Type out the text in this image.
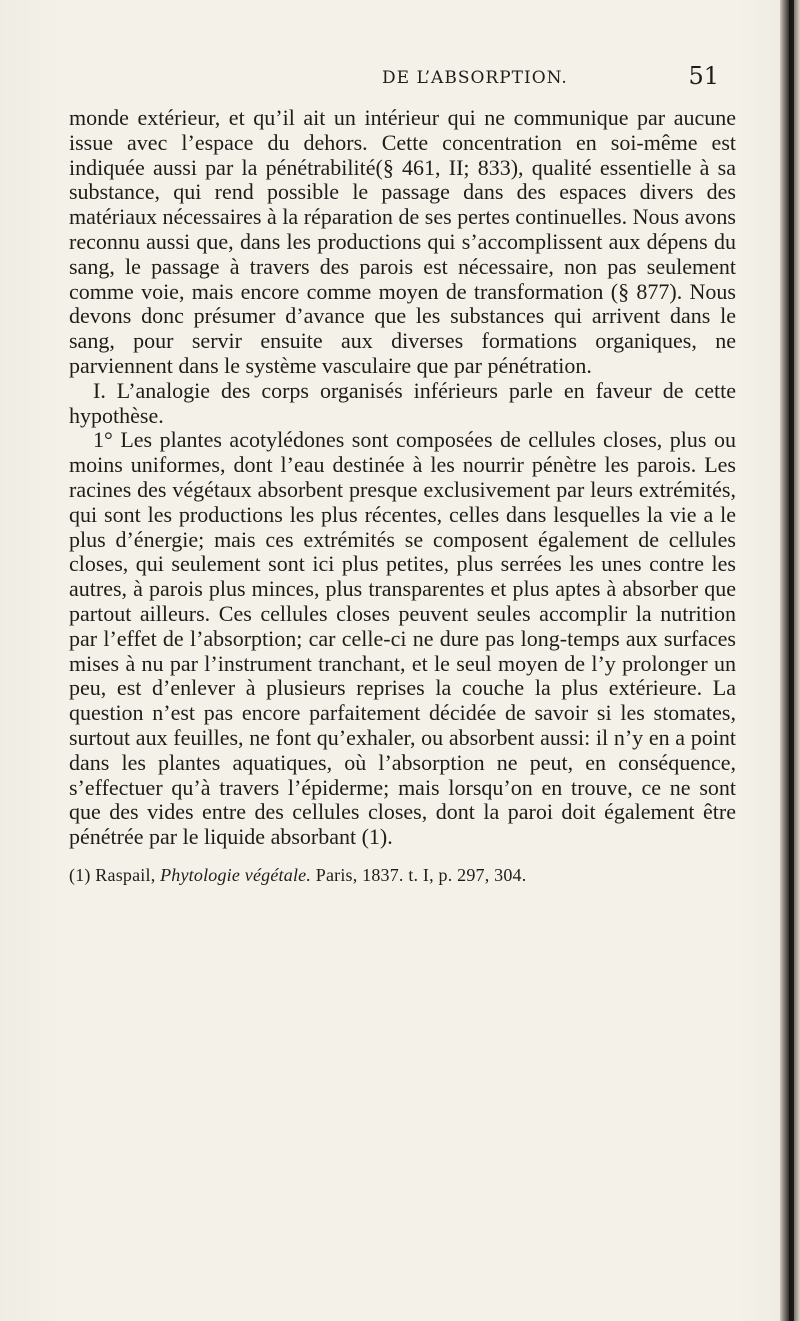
DE L’ABSORPTION.	51

monde extérieur, et qu’il ait un intérieur qui ne communique par aucune issue avec l’espace du dehors. Cette concentration en soi-même est indiquée aussi par la pénétrabilité(§ 461, II; 833), qualité essentielle à sa substance, qui rend possible le passage dans des espaces divers des matériaux nécessaires à la réparation de ses pertes continuelles. Nous avons reconnu aussi que, dans les productions qui s’accomplissent aux dépens du sang, le passage à travers des parois est nécessaire, non pas seulement comme voie, mais encore comme moyen de transformation (§ 877). Nous devons donc présumer d’avance que les substances qui arrivent dans le sang, pour servir ensuite aux diverses formations organiques, ne parviennent dans le système vasculaire que par pénétration.

I. L’analogie des corps organisés inférieurs parle en faveur de cette hypothèse.

1° Les plantes acotylédones sont composées de cellules closes, plus ou moins uniformes, dont l’eau destinée à les nourrir pénètre les parois. Les racines des végétaux absorbent presque exclusivement par leurs extrémités, qui sont les productions les plus récentes, celles dans lesquelles la vie a le plus d’énergie; mais ces extrémités se composent également de cellules closes, qui seulement sont ici plus petites, plus serrées les unes contre les autres, à parois plus minces, plus transparentes et plus aptes à absorber que partout ailleurs. Ces cellules closes peuvent seules accomplir la nutrition par l’effet de l’absorption; car celle-ci ne dure pas long-temps aux surfaces mises à nu par l’instrument tranchant, et le seul moyen de l’y prolonger un peu, est d’enlever à plusieurs reprises la couche la plus extérieure. La question n’est pas encore parfaitement décidée de savoir si les stomates, surtout aux feuilles, ne font qu’exhaler, ou absorbent aussi: il n’y en a point dans les plantes aquatiques, où l’absorption ne peut, en conséquence, s’effectuer qu’à travers l’épiderme; mais lorsqu’on en trouve, ce ne sont que des vides entre des cellules closes, dont la paroi doit également être pénétrée par le liquide absorbant (1).

(1) Raspail, Phytologie végétale. Paris, 1837. t. I, p. 297, 304.
